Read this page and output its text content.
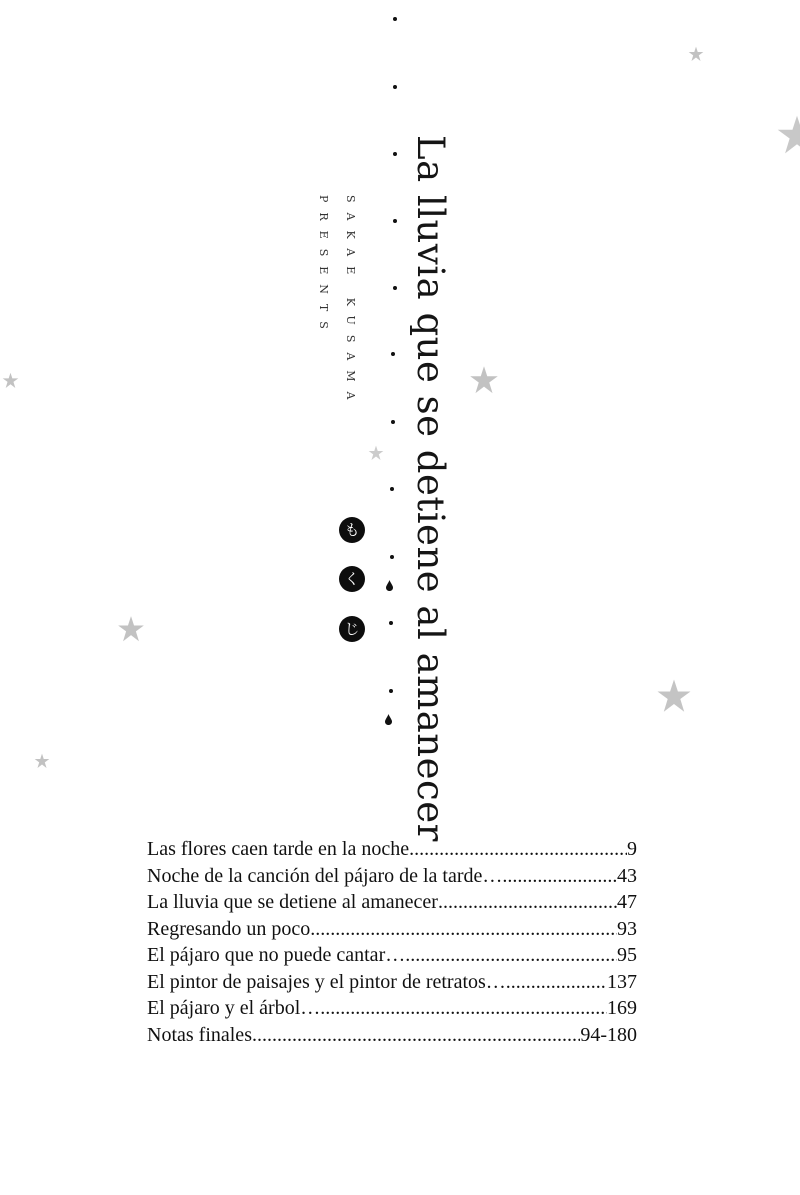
La lluvia que se detiene al amanecer
SAKAE KUSAMA
PRESENTS
も
く
じ
Las flores caen tarde en la noche .....	9
Noche de la canción del pájaro de la tarde… .....	43
La lluvia que se detiene al amanecer .....	47
Regresando un poco .....	93
El pájaro que no puede cantar… .....	95
El pintor de paisajes y el pintor de retratos… .....	137
El pájaro y el árbol… .....	169
Notas finales .....	94-180
